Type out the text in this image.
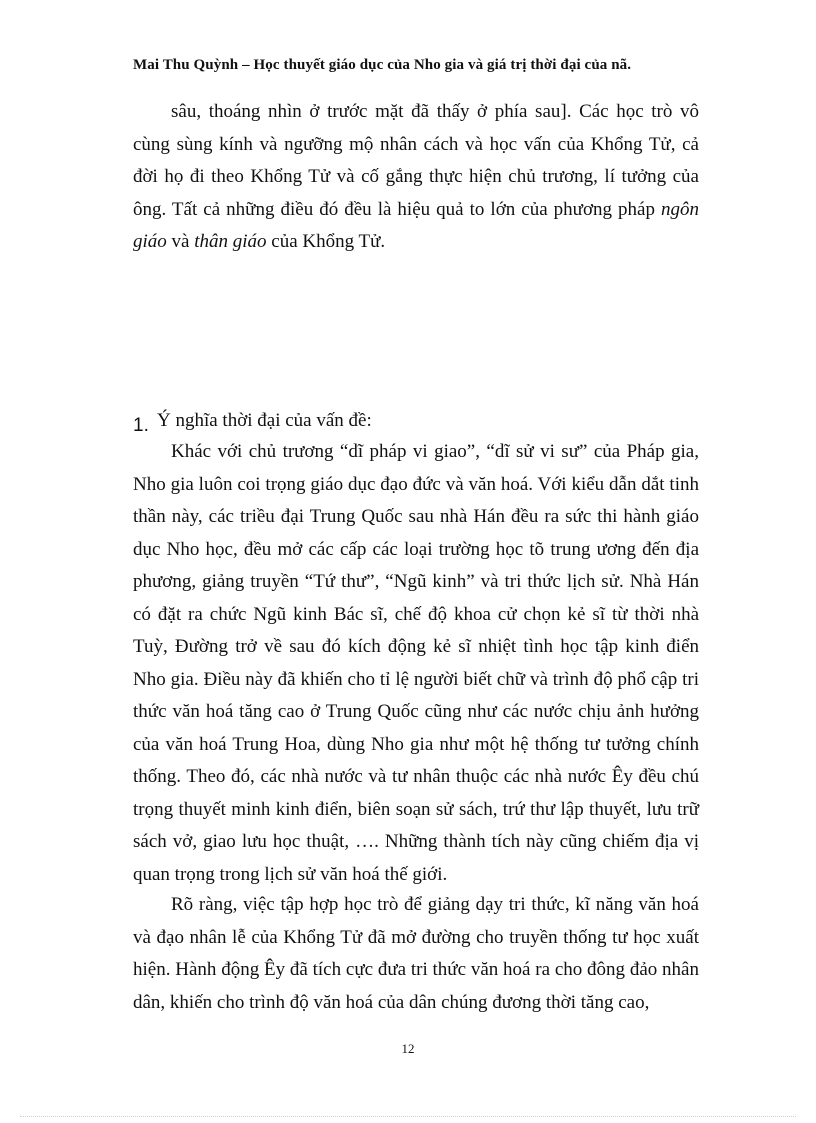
Mai Thu Quỳnh – Học thuyết giáo dục của Nho gia và giá trị thời đại của nã.

sâu, thoáng nhìn ở trước mặt đã thấy ở phía sau]. Các học trò vô cùng sùng kính và ngưỡng mộ nhân cách và học vấn của Khổng Tử, cả đời họ đi theo Khổng Tử và cố gắng thực hiện chủ trương, lí tưởng của ông. Tất cả những điều đó đều là hiệu quả to lớn của phương pháp ngôn giáo và thân giáo của Khổng Tử.

1. Ý nghĩa thời đại của vấn đề:

Khác với chủ trương “dĩ pháp vi giao”, “dĩ sử vi sư” của Pháp gia, Nho gia luôn coi trọng giáo dục đạo đức và văn hoá. Với kiểu dẫn dắt tinh thần này, các triều đại Trung Quốc sau nhà Hán đều ra sức thi hành giáo dục Nho học, đều mở các cấp các loại trường học tõ trung ương đến địa phương, giảng truyền “Tứ thư”, “Ngũ kinh” và tri thức lịch sử. Nhà Hán có đặt ra chức Ngũ kinh Bác sĩ, chế độ khoa cử chọn kẻ sĩ từ thời nhà Tuỳ, Đường trở về sau đó kích động kẻ sĩ nhiệt tình học tập kinh điển Nho gia. Điều này đã khiến cho tỉ lệ người biết chữ và trình độ phổ cập tri thức văn hoá tăng cao ở Trung Quốc cũng như các nước chịu ảnh hưởng của văn hoá Trung Hoa, dùng Nho gia như một hệ thống tư tưởng chính thống. Theo đó, các nhà nước và tư nhân thuộc các nhà nước Êy đều chú trọng thuyết minh kinh điển, biên soạn sử sách, trứ thư lập thuyết, lưu trữ sách vở, giao lưu học thuật, …. Những thành tích này cũng chiếm địa vị quan trọng trong lịch sử văn hoá thế giới.

Rõ ràng, việc tập hợp học trò để giảng dạy tri thức, kĩ năng văn hoá và đạo nhân lễ của Khổng Tử đã mở đường cho truyền thống tư học xuất hiện. Hành động Êy đã tích cực đưa tri thức văn hoá ra cho đông đảo nhân dân, khiến cho trình độ văn hoá của dân chúng đương thời tăng cao,

12
